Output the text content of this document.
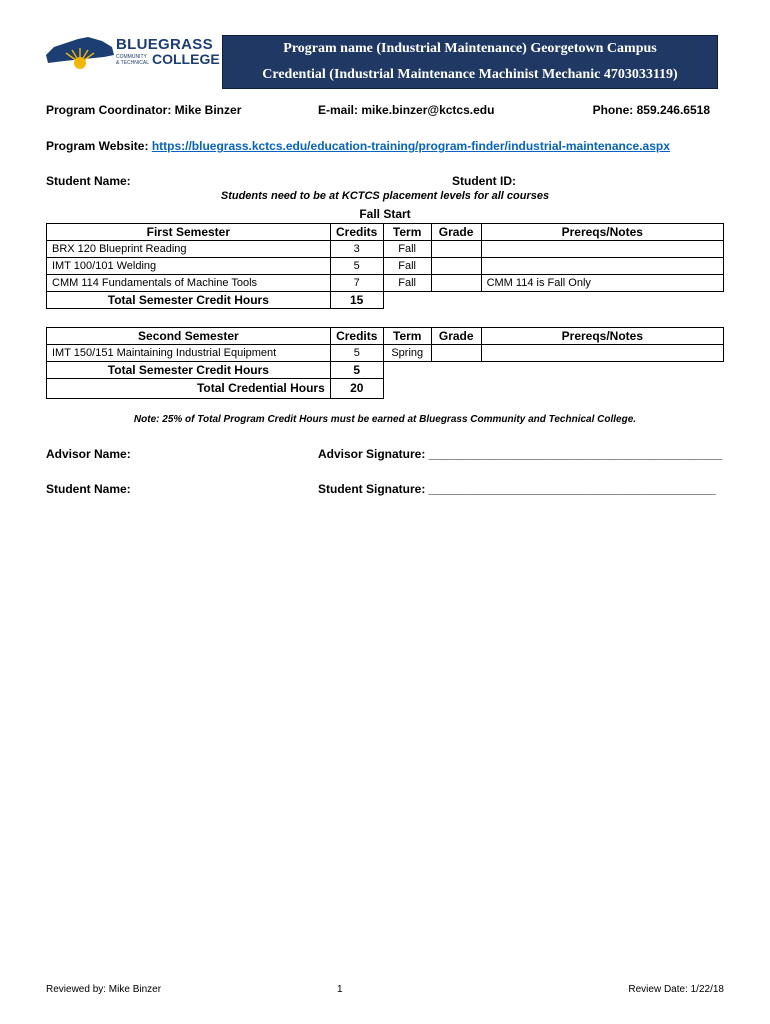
BLUEGRASS
COMMUNITY
& TECHNICAL COLLEGE
Program name (Industrial Maintenance) Georgetown Campus
Credential (Industrial Maintenance Machinist Mechanic 4703033119)
Program Coordinator: Mike Binzer	E-mail: mike.binzer@kctcs.edu	Phone: 859.246.6518
Program Website: https://bluegrass.kctcs.edu/education-training/program-finder/industrial-maintenance.aspx
Student Name:	Student ID:
Students need to be at KCTCS placement levels for all courses
Fall Start
First Semester	Credits	Term	Grade	Prereqs/Notes
BRX 120 Blueprint Reading	3	Fall		
IMT 100/101 Welding	5	Fall		
CMM 114 Fundamentals of Machine Tools	7	Fall		CMM 114 is Fall Only
Total Semester Credit Hours	15			
Second Semester	Credits	Term	Grade	Prereqs/Notes
IMT 150/151 Maintaining Industrial Equipment	5	Spring		
Total Semester Credit Hours	5			
Total Credential Hours	20			
Note: 25% of Total Program Credit Hours must be earned at Bluegrass Community and Technical College.
Advisor Name:	Advisor Signature: ____________________________________________
Student Name:	Student Signature: ___________________________________________
Reviewed by: Mike Binzer	1	Review Date: 1/22/18
